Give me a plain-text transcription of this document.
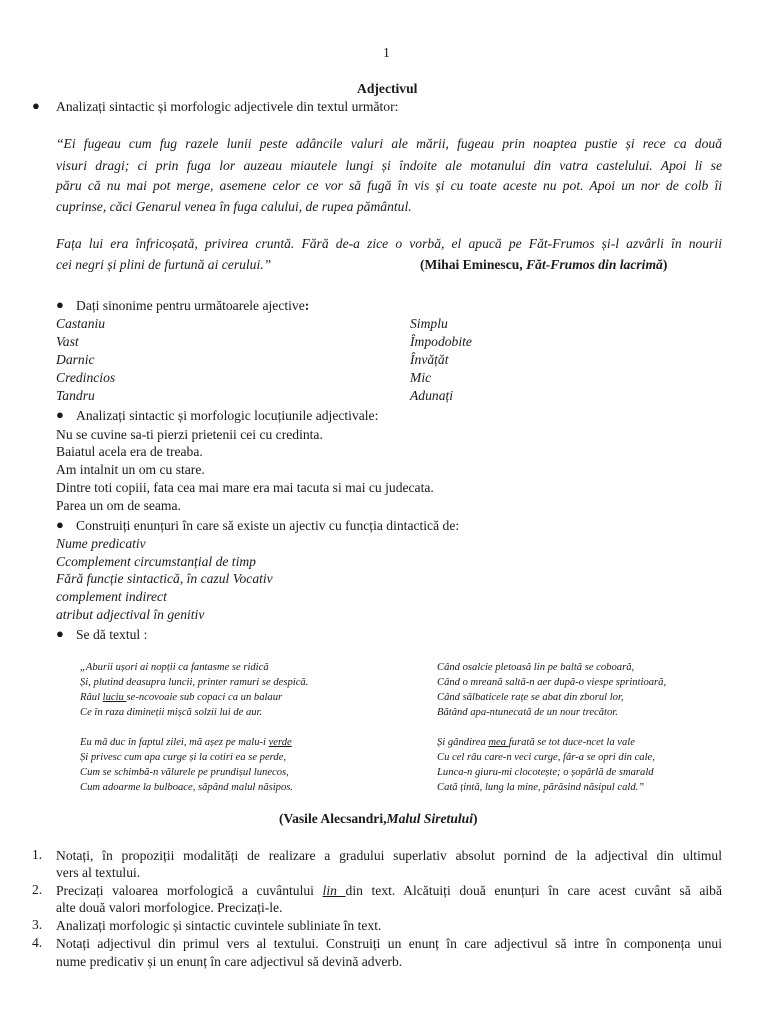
1
Adjectivul
● Analizați sintactic și morfologic adjectivele din textul următor:
“Ei fugeau cum fug razele lunii peste adâncile valuri ale mării, fugeau prin noaptea pustie și rece ca două
visuri dragi; ci prin fuga lor auzeau miautele lungi și îndoite ale motanului din vatra castelului. Apoi li se
păru că nu mai pot merge, asemene celor ce vor să fugă în vis și cu toate aceste nu pot. Apoi un nor de colb îi
cuprinse, căci Genarul venea în fuga calului, de rupea pământul.
Fața lui era înfricoșată, privirea cruntă. Fără de-a zice o vorbă, el apucă pe Făt-Frumos și-l azvârli în nourii
cei negri și plini de furtună ai cerului.”	(Mihai Eminescu, Făt-Frumos din lacrimă)
● Dați sinonime pentru următoarele ajective:
Castaniu
Vast
Darnic
Credincios
Tandru
Simplu
Împodobite
Învățăt
Mic
Adunați
● Analizați sintactic și morfologic locuțiunile adjectivale:
Nu se cuvine sa-ti pierzi prietenii cei cu credinta.
Baiatul acela era de treaba.
Am intalnit un om cu stare.
Dintre toti copiii, fata cea mai mare era mai tacuta si mai cu judecata.
Parea un om de seama.
● Construiți enunțuri în care să existe un ajectiv cu funcția dintactică de:
Nume predicativ
Ccomplement circumstanțial de timp
Fără funcție sintactică, în cazul Vocativ
complement indirect
atribut adjectival în genitiv
● Se dă textul :
„Aburii ușori ai nopții ca fantasme se ridică
Și, plutind deasupra luncii, printer ramuri se despică.
Râul luciu se-ncovoaie sub copaci ca un balaur
Ce în raza dimineții mișcă solzii lui de aur.
Când osalcie pletoasă lin pe baltă se coboară,
Când o mreană saltă-n aer după-o viespe sprintioară,
Când sălbaticele rațe se abat din zborul lor,
Bătând apa-ntunecată de un nour trecător.
Eu mă duc în faptul zilei, mă așez pe malu-i verde
Și privesc cum apa curge și la cotiri ea se perde,
Cum se schimbă-n vălurele pe prundișul lunecos,
Cum adoarme la bulboace, săpând malul năsipos.
Și gândirea mea furată se tot duce-ncet la vale
Cu cel râu care-n veci curge, făr-a se opri din cale,
Lunca-n giuru-mi clocotește; o șopârlă de smarald
Cată țintă, lung la mine, părăsind năsipul cald.”
(Vasile Alecsandri,Malul Siretului)
1. Notați, în propoziții modalități de realizare a gradului superlativ absolut pornind de la adjectival din ultimul
vers al textului.
2. Precizați valoarea morfologică a cuvântului lin din text. Alcătuiți două enunțuri în care acest cuvânt să aibă
alte două valori morfologice. Precizați-le.
3. Analizați morfologic și sintactic cuvintele subliniate în text.
4. Notați adjectivul din primul vers al textului. Construiți un enunț în care adjectivul să intre în componența unui
nume predicativ și un enunț în care adjectivul să devină adverb.
